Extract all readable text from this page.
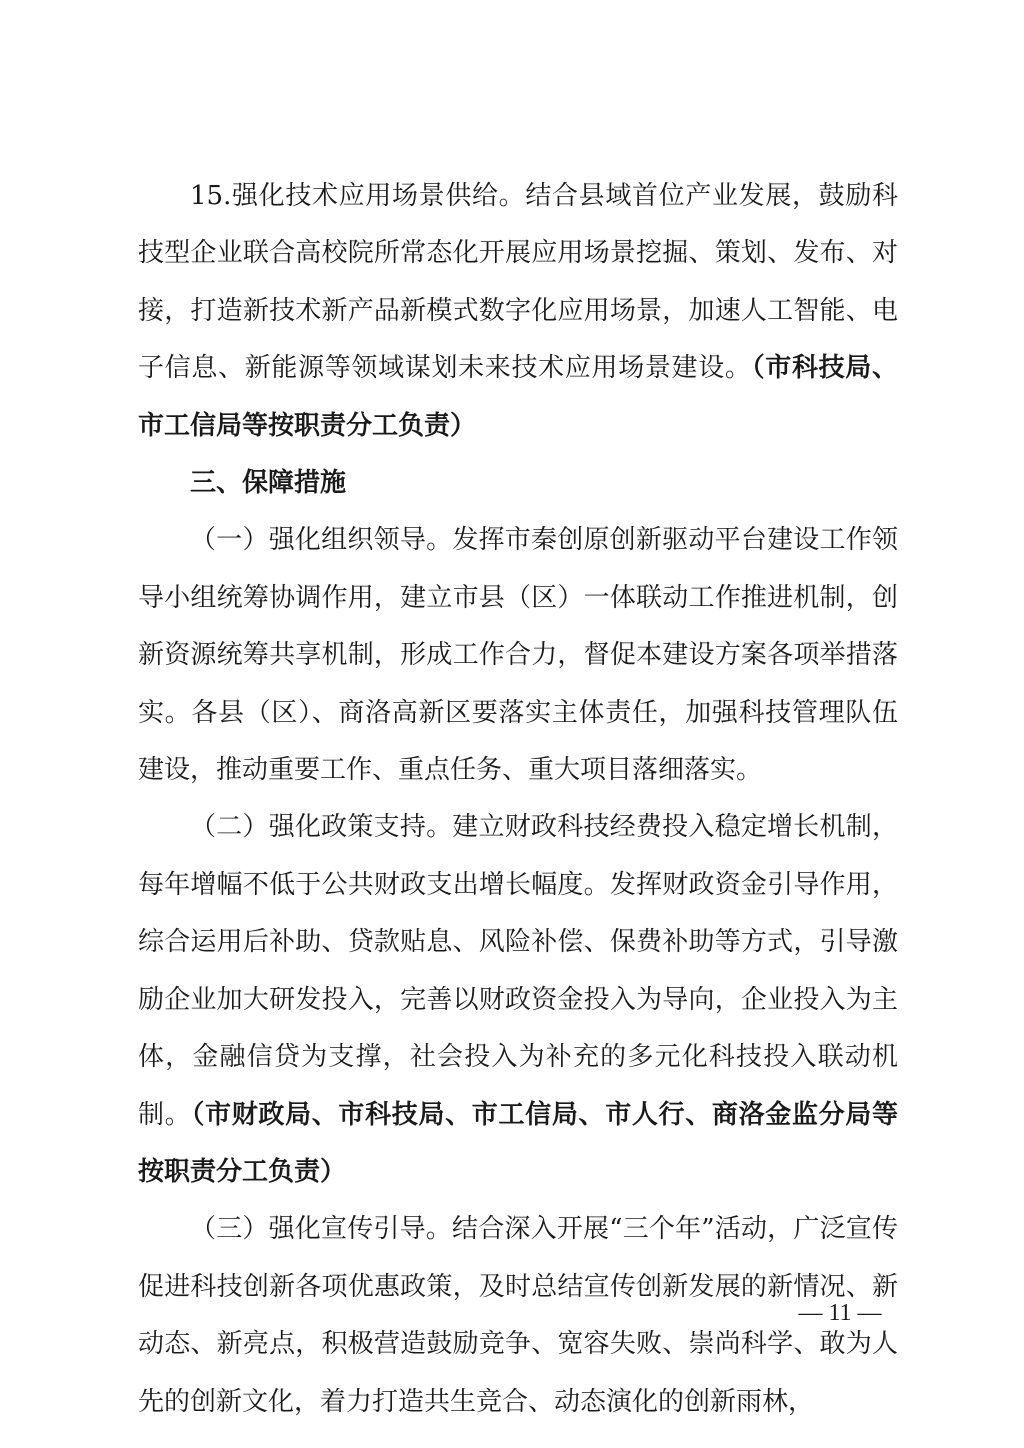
15.强化技术应用场景供给。结合县域首位产业发展，鼓励科技型企业联合高校院所常态化开展应用场景挖掘、策划、发布、对接，打造新技术新产品新模式数字化应用场景，加速人工智能、电子信息、新能源等领域谋划未来技术应用场景建设。（市科技局、市工信局等按职责分工负责）

三、保障措施

（一）强化组织领导。发挥市秦创原创新驱动平台建设工作领导小组统筹协调作用，建立市县（区）一体联动工作推进机制，创新资源统筹共享机制，形成工作合力，督促本建设方案各项举措落实。各县（区）、商洛高新区要落实主体责任，加强科技管理队伍建设，推动重要工作、重点任务、重大项目落细落实。

（二）强化政策支持。建立财政科技经费投入稳定增长机制，每年增幅不低于公共财政支出增长幅度。发挥财政资金引导作用，综合运用后补助、贷款贴息、风险补偿、保费补助等方式，引导激励企业加大研发投入，完善以财政资金投入为导向，企业投入为主体，金融信贷为支撑，社会投入为补充的多元化科技投入联动机制。（市财政局、市科技局、市工信局、市人行、商洛金监分局等按职责分工负责）

（三）强化宣传引导。结合深入开展“三个年”活动，广泛宣传促进科技创新各项优惠政策，及时总结宣传创新发展的新情况、新动态、新亮点，积极营造鼓励竞争、宽容失败、崇尚科学、敢为人先的创新文化，着力打造共生竞合、动态演化的创新雨林，

— 11 —
